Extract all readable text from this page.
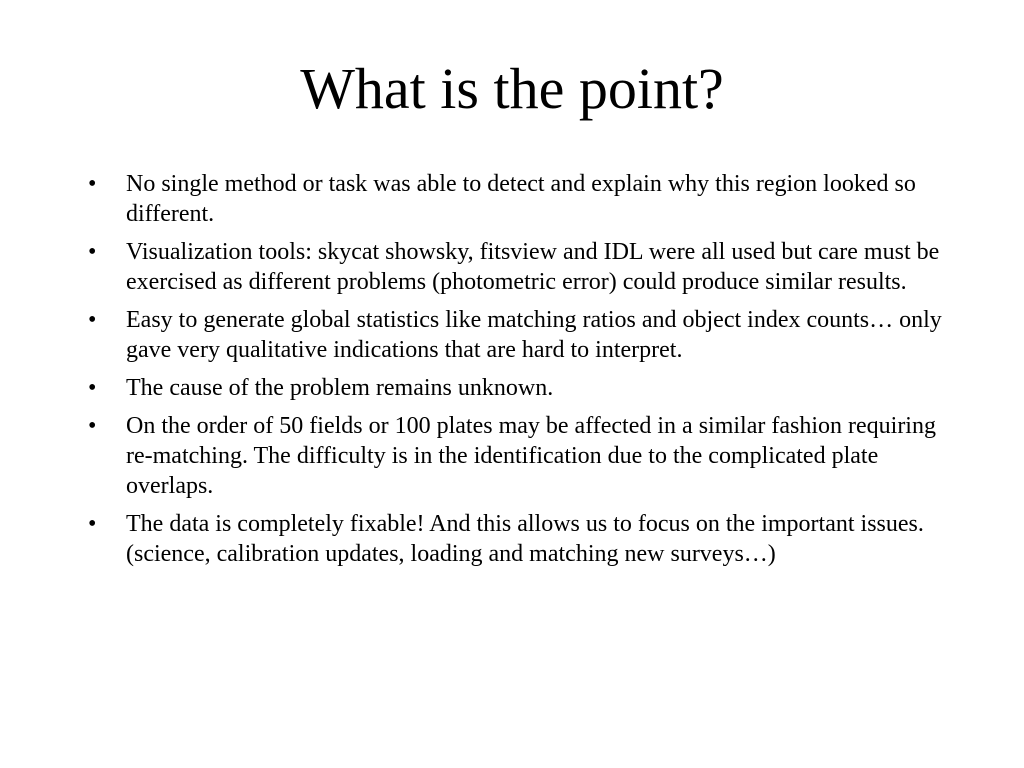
What is the point?
• No single method or task was able to detect and explain why this region looked so different.
• Visualization tools: skycat showsky, fitsview and IDL were all used but care must be exercised as different problems (photometric error) could produce similar results.
• Easy to generate global statistics like matching ratios and object index counts… only gave very qualitative indications that are hard to interpret.
• The cause of the problem remains unknown.
• On the order of 50 fields or 100 plates may be affected in a similar fashion requiring re-matching. The difficulty is in the identification due to the complicated plate overlaps.
• The data is completely fixable! And this allows us to focus on the important issues. (science, calibration updates, loading and matching new surveys…)
